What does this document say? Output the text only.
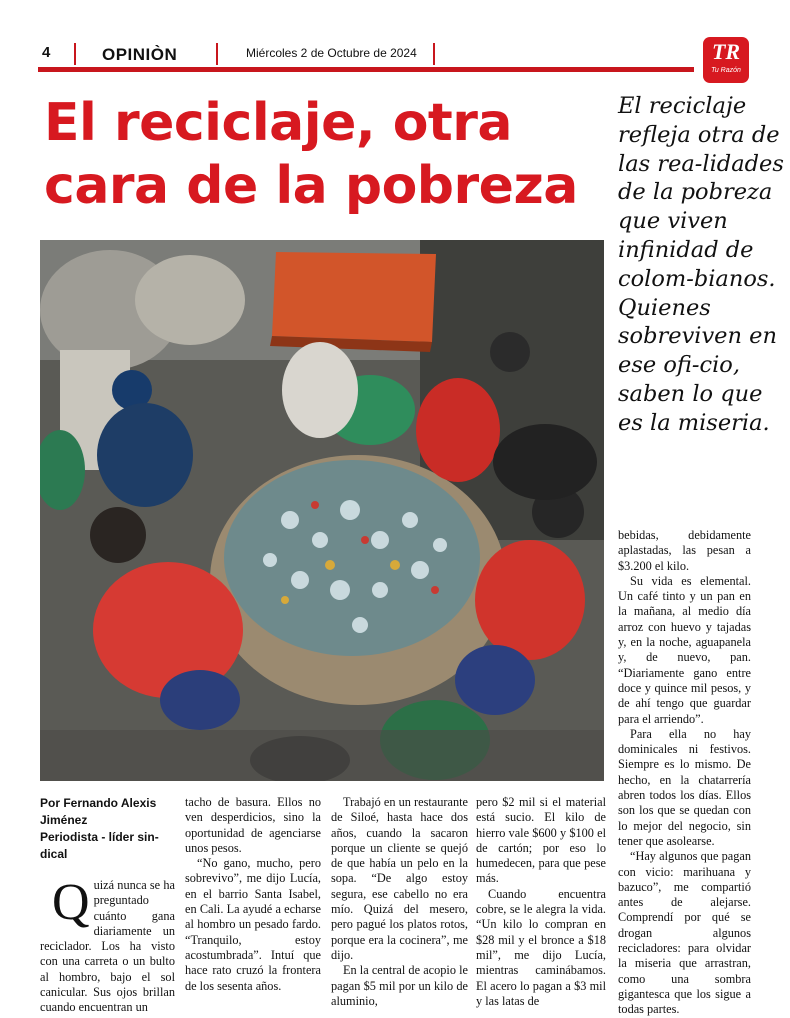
4	OPINIÒN	Miércoles 2 de Octubre de 2024	TR
Tu Razón
El reciclaje, otra cara de la pobreza

El reciclaje refleja otra de las rea-lidades de la pobreza que viven infinidad de colom-bianos. Quienes sobreviven en ese ofi-cio, saben lo que es la miseria.

Por Fernando Alexis Jiménez
Periodista - líder sin-dical
Q uizá nunca se ha preguntado cuánto gana diariamente un reciclador. Los ha visto con una carreta o un bulto al hombro, bajo el sol canicular. Sus ojos brillan cuando encuentran un

tacho de basura. Ellos no ven desperdicios, sino la oportunidad de agenciarse unos pesos.

“No gano, mucho, pero sobrevivo”, me dijo Lucía, en el barrio Santa Isabel, en Cali. La ayudé a echarse al hombro un pesado fardo. “Tranquilo, estoy acostumbrada”. Intuí que hace rato cruzó la frontera de los sesenta años.

Trabajó en un restaurante de Siloé, hasta hace dos años, cuando la sacaron porque un cliente se quejó de que había un pelo en la sopa. “De algo estoy segura, ese cabello no era mío. Quizá del mesero, pero pagué los platos rotos, porque era la cocinera”, me dijo.

En la central de acopio le pagan $5 mil por un kilo de aluminio,

pero $2 mil si el material está sucio. El kilo de hierro vale $600 y $100 el de cartón; por eso lo humedecen, para que pese más.

Cuando encuentra cobre, se le alegra la vida. “Un kilo lo compran en $28 mil y el bronce a $18 mil”, me dijo Lucía, mientras caminábamos. El acero lo pagan a $3 mil y las latas de

bebidas, debidamente aplastadas, las pesan a $3.200 el kilo.

Su vida es elemental. Un café tinto y un pan en la mañana, al medio día arroz con huevo y tajadas y, en la noche, aguapanela y, de nuevo, pan. “Diariamente gano entre doce y quince mil pesos, y de ahí tengo que guardar para el arriendo”.

Para ella no hay dominicales ni festivos. Siempre es lo mismo. De hecho, en la chatarrería abren todos los días. Ellos son los que se quedan con lo mejor del negocio, sin tener que asolearse.

“Hay algunos que pagan con vicio: marihuana y bazuco”, me compartió antes de alejarse. Comprendí por qué se drogan algunos recicladores: para olvidar la miseria que arrastran, como una sombra gigantesca que los sigue a todas partes.
